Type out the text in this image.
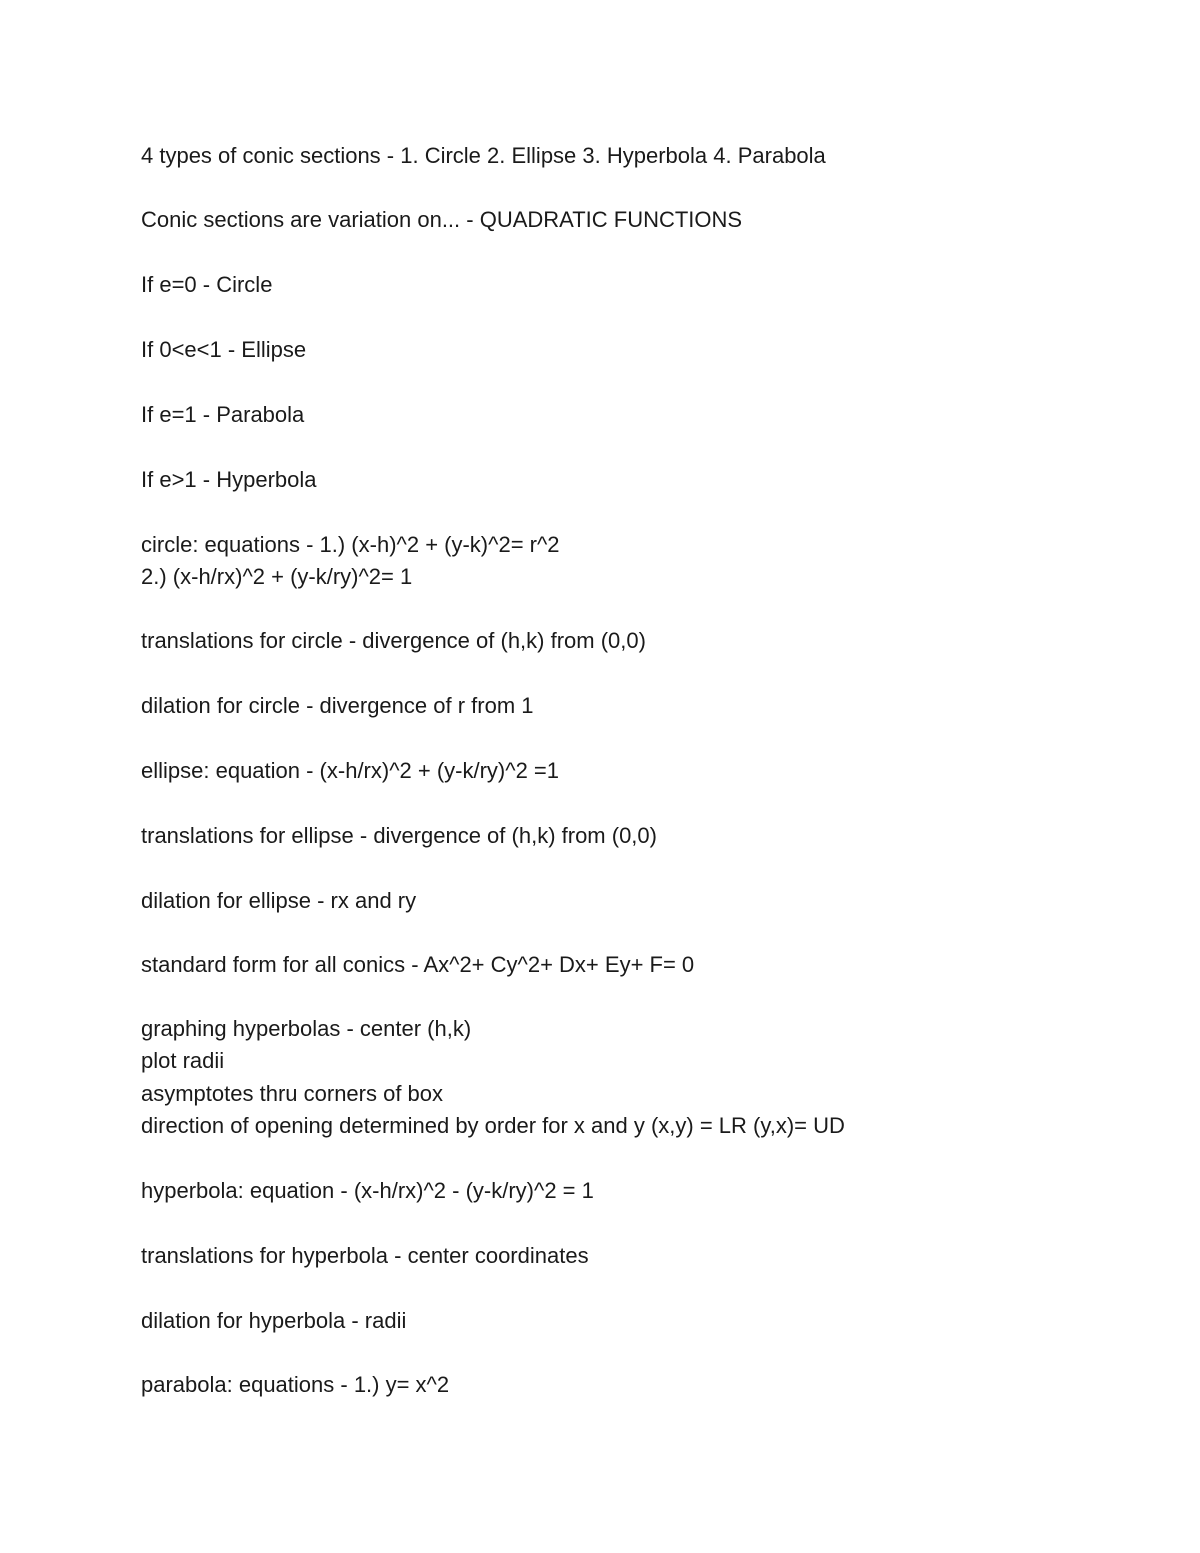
4 types of conic sections - 1. Circle 2. Ellipse 3. Hyperbola 4. Parabola
Conic sections are variation on... - QUADRATIC FUNCTIONS
If e=0 - Circle
If 0<e<1 - Ellipse
If e=1 - Parabola
If e>1 - Hyperbola
circle: equations - 1.) (x-h)^2 + (y-k)^2= r^2
2.) (x-h/rx)^2 + (y-k/ry)^2= 1
translations for circle - divergence of (h,k) from (0,0)
dilation for circle - divergence of r from 1
ellipse: equation - (x-h/rx)^2 + (y-k/ry)^2 =1
translations for ellipse - divergence of (h,k) from (0,0)
dilation for ellipse - rx and ry
standard form for all conics - Ax^2+ Cy^2+ Dx+ Ey+ F= 0
graphing hyperbolas - center (h,k)
plot radii
asymptotes thru corners of box
direction of opening determined by order for x and y (x,y) = LR (y,x)= UD
hyperbola: equation - (x-h/rx)^2 - (y-k/ry)^2 = 1
translations for hyperbola - center coordinates
dilation for hyperbola - radii
parabola: equations - 1.) y= x^2
